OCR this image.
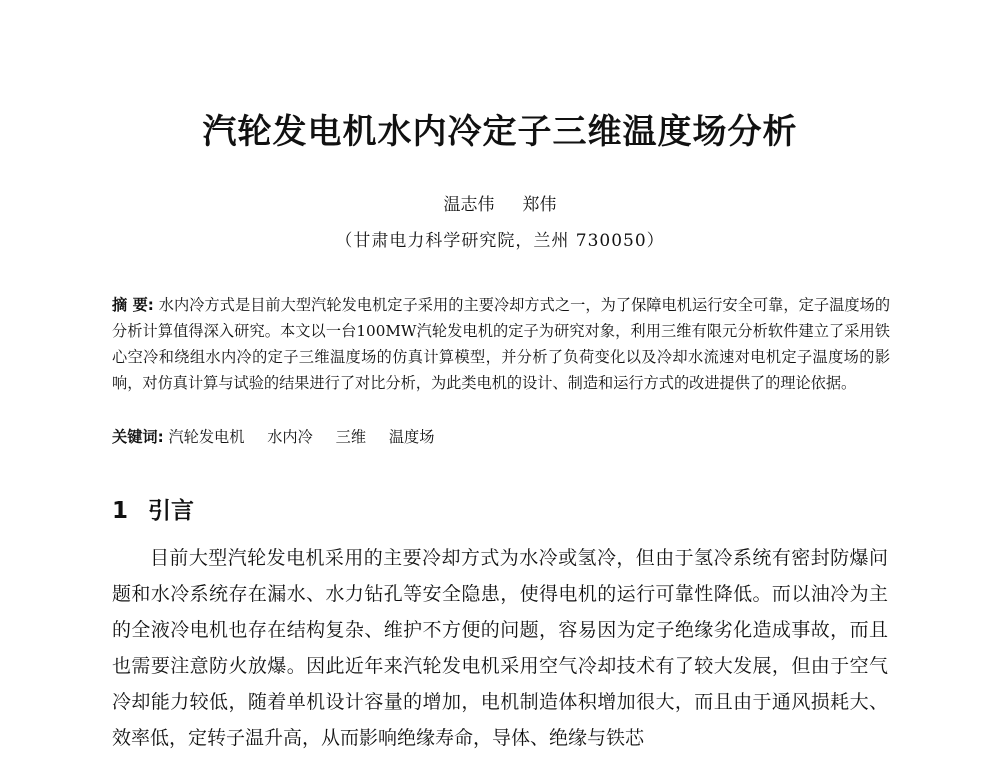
汽轮发电机水内冷定子三维温度场分析
温志伟 郑伟
（甘肃电力科学研究院，兰州 730050）
摘 要: 水内冷方式是目前大型汽轮发电机定子采用的主要冷却方式之一，为了保障电机运行安全可靠，定子温度场的分析计算值得深入研究。本文以一台100MW汽轮发电机的定子为研究对象，利用三维有限元分析软件建立了采用铁心空冷和绕组水内冷的定子三维温度场的仿真计算模型，并分析了负荷变化以及冷却水流速对电机定子温度场的影响，对仿真计算与试验的结果进行了对比分析，为此类电机的设计、制造和运行方式的改进提供了的理论依据。
关键词: 汽轮发电机 水内冷 三维 温度场
1 引言

目前大型汽轮发电机采用的主要冷却方式为水冷或氢冷，但由于氢冷系统有密封防爆问题和水冷系统存在漏水、水力钻孔等安全隐患，使得电机的运行可靠性降低。而以油冷为主的全液冷电机也存在结构复杂、维护不方便的问题，容易因为定子绝缘劣化造成事故，而且也需要注意防火放爆。因此近年来汽轮发电机采用空气冷却技术有了较大发展，但由于空气冷却能力较低，随着单机设计容量的增加，电机制造体积增加很大，而且由于通风损耗大、效率低，定转子温升高，从而影响绝缘寿命，导体、绝缘与铁芯
